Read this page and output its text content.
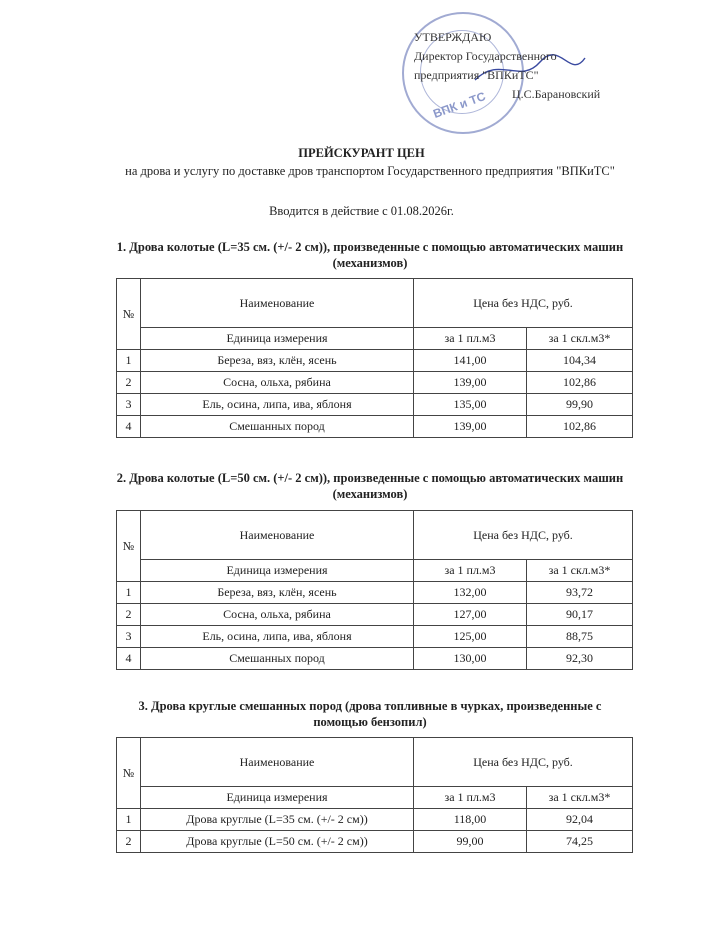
ВПК и ТС
УТВЕРЖДАЮ
Директор Государственного
предприятия "ВПКиТС"
Ц.С.Барановский
ПРЕЙСКУРАНТ ЦЕН
на дрова и услугу по доставке дров транспортом Государственного предприятия "ВПКиТС"
Вводится в действие с 01.08.2026г.
1. Дрова колотые (L=35 см. (+/- 2 см)), произведенные с помощью автоматических машин (механизмов)
№	Наименование	Цена без НДС, руб.	
	Единица измерения	за 1 пл.м3	за 1 скл.м3*
1	Береза, вяз, клён, ясень	141,00	104,34
2	Сосна, ольха, рябина	139,00	102,86
3	Ель, осина, липа, ива, яблоня	135,00	99,90
4	Смешанных пород	139,00	102,86
2. Дрова колотые (L=50 см. (+/- 2 см)), произведенные с помощью автоматических машин (механизмов)
№	Наименование	Цена без НДС, руб.	
	Единица измерения	за 1 пл.м3	за 1 скл.м3*
1	Береза, вяз, клён, ясень	132,00	93,72
2	Сосна, ольха, рябина	127,00	90,17
3	Ель, осина, липа, ива, яблоня	125,00	88,75
4	Смешанных пород	130,00	92,30
3. Дрова круглые смешанных пород (дрова топливные в чурках, произведенные с помощью бензопил)
№	Наименование	Цена без НДС, руб.	
	Единица измерения	за 1 пл.м3	за 1 скл.м3*
1	Дрова круглые (L=35 см. (+/- 2 см))	118,00	92,04
2	Дрова круглые (L=50 см. (+/- 2 см))	99,00	74,25
